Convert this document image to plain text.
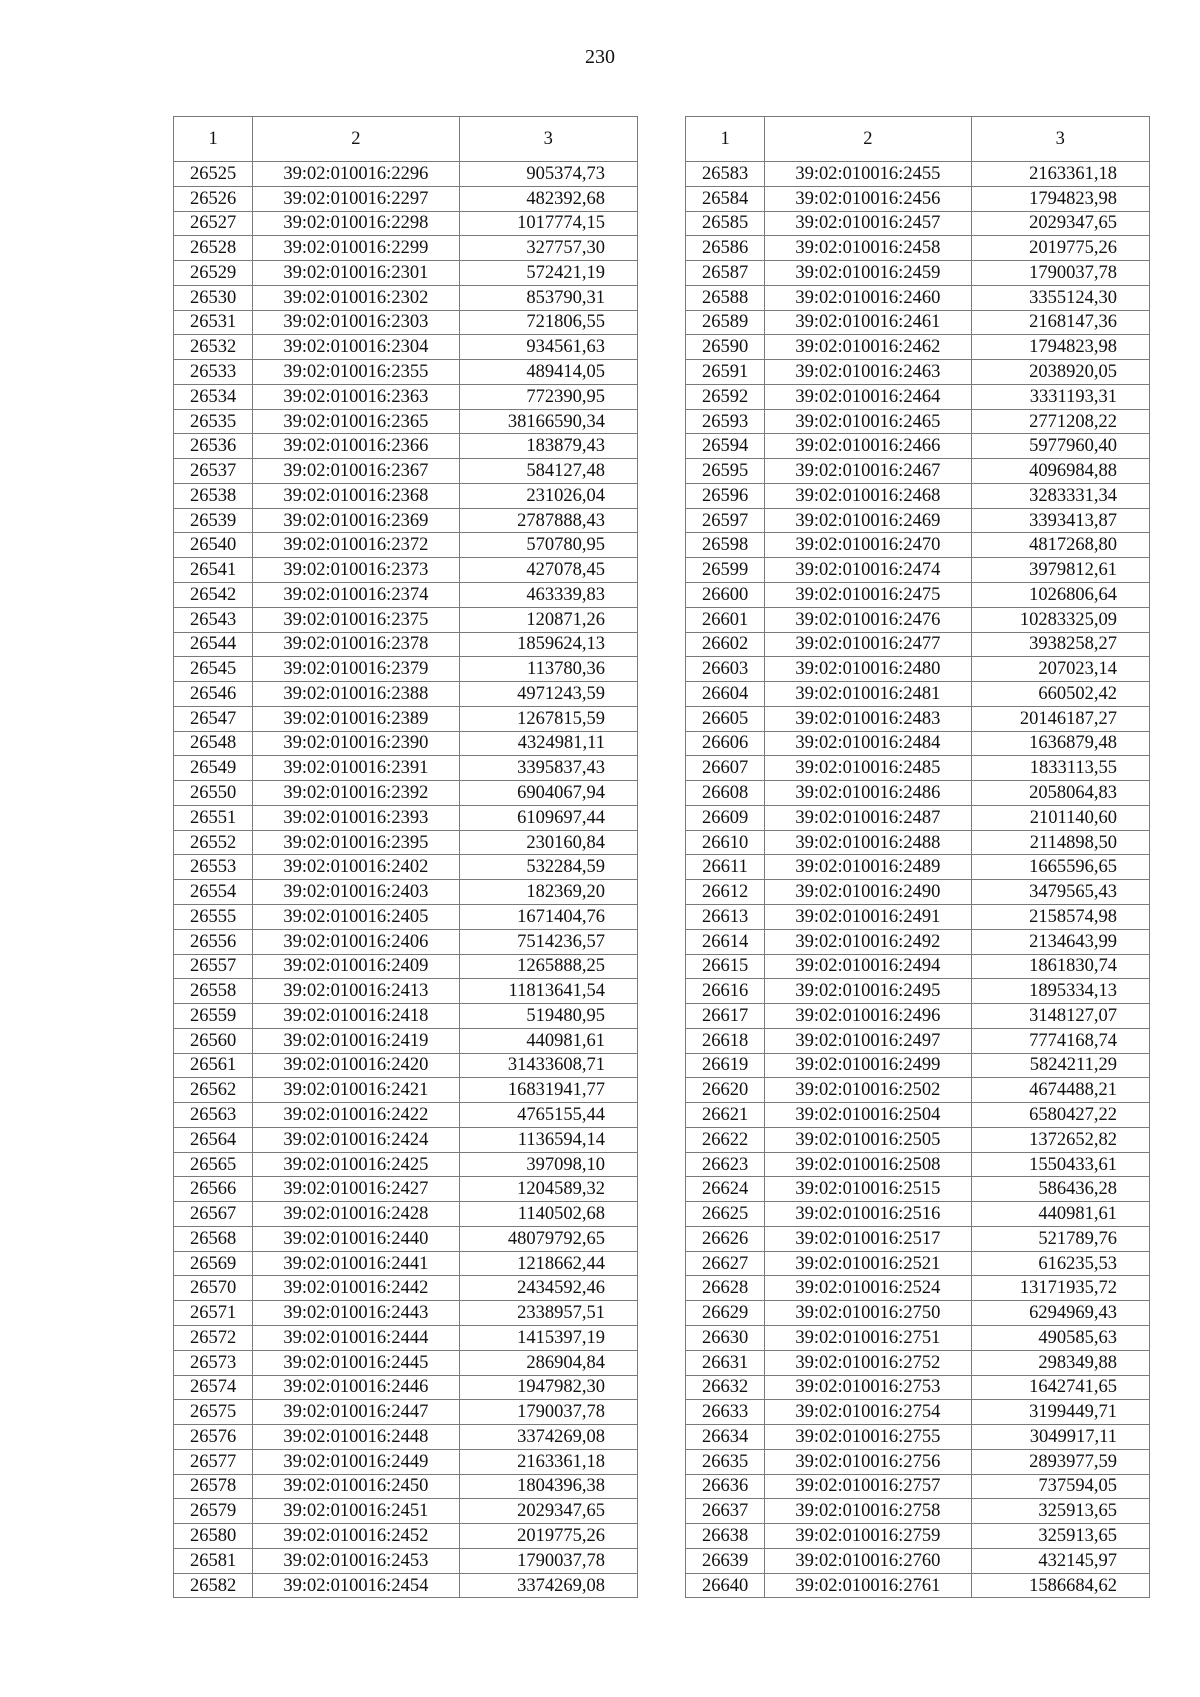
230
1	2	3
26525	39:02:010016:2296	905374,73
26526	39:02:010016:2297	482392,68
26527	39:02:010016:2298	1017774,15
26528	39:02:010016:2299	327757,30
26529	39:02:010016:2301	572421,19
26530	39:02:010016:2302	853790,31
26531	39:02:010016:2303	721806,55
26532	39:02:010016:2304	934561,63
26533	39:02:010016:2355	489414,05
26534	39:02:010016:2363	772390,95
26535	39:02:010016:2365	38166590,34
26536	39:02:010016:2366	183879,43
26537	39:02:010016:2367	584127,48
26538	39:02:010016:2368	231026,04
26539	39:02:010016:2369	2787888,43
26540	39:02:010016:2372	570780,95
26541	39:02:010016:2373	427078,45
26542	39:02:010016:2374	463339,83
26543	39:02:010016:2375	120871,26
26544	39:02:010016:2378	1859624,13
26545	39:02:010016:2379	113780,36
26546	39:02:010016:2388	4971243,59
26547	39:02:010016:2389	1267815,59
26548	39:02:010016:2390	4324981,11
26549	39:02:010016:2391	3395837,43
26550	39:02:010016:2392	6904067,94
26551	39:02:010016:2393	6109697,44
26552	39:02:010016:2395	230160,84
26553	39:02:010016:2402	532284,59
26554	39:02:010016:2403	182369,20
26555	39:02:010016:2405	1671404,76
26556	39:02:010016:2406	7514236,57
26557	39:02:010016:2409	1265888,25
26558	39:02:010016:2413	11813641,54
26559	39:02:010016:2418	519480,95
26560	39:02:010016:2419	440981,61
26561	39:02:010016:2420	31433608,71
26562	39:02:010016:2421	16831941,77
26563	39:02:010016:2422	4765155,44
26564	39:02:010016:2424	1136594,14
26565	39:02:010016:2425	397098,10
26566	39:02:010016:2427	1204589,32
26567	39:02:010016:2428	1140502,68
26568	39:02:010016:2440	48079792,65
26569	39:02:010016:2441	1218662,44
26570	39:02:010016:2442	2434592,46
26571	39:02:010016:2443	2338957,51
26572	39:02:010016:2444	1415397,19
26573	39:02:010016:2445	286904,84
26574	39:02:010016:2446	1947982,30
26575	39:02:010016:2447	1790037,78
26576	39:02:010016:2448	3374269,08
26577	39:02:010016:2449	2163361,18
26578	39:02:010016:2450	1804396,38
26579	39:02:010016:2451	2029347,65
26580	39:02:010016:2452	2019775,26
26581	39:02:010016:2453	1790037,78
26582	39:02:010016:2454	3374269,08
1	2	3
26583	39:02:010016:2455	2163361,18
26584	39:02:010016:2456	1794823,98
26585	39:02:010016:2457	2029347,65
26586	39:02:010016:2458	2019775,26
26587	39:02:010016:2459	1790037,78
26588	39:02:010016:2460	3355124,30
26589	39:02:010016:2461	2168147,36
26590	39:02:010016:2462	1794823,98
26591	39:02:010016:2463	2038920,05
26592	39:02:010016:2464	3331193,31
26593	39:02:010016:2465	2771208,22
26594	39:02:010016:2466	5977960,40
26595	39:02:010016:2467	4096984,88
26596	39:02:010016:2468	3283331,34
26597	39:02:010016:2469	3393413,87
26598	39:02:010016:2470	4817268,80
26599	39:02:010016:2474	3979812,61
26600	39:02:010016:2475	1026806,64
26601	39:02:010016:2476	10283325,09
26602	39:02:010016:2477	3938258,27
26603	39:02:010016:2480	207023,14
26604	39:02:010016:2481	660502,42
26605	39:02:010016:2483	20146187,27
26606	39:02:010016:2484	1636879,48
26607	39:02:010016:2485	1833113,55
26608	39:02:010016:2486	2058064,83
26609	39:02:010016:2487	2101140,60
26610	39:02:010016:2488	2114898,50
26611	39:02:010016:2489	1665596,65
26612	39:02:010016:2490	3479565,43
26613	39:02:010016:2491	2158574,98
26614	39:02:010016:2492	2134643,99
26615	39:02:010016:2494	1861830,74
26616	39:02:010016:2495	1895334,13
26617	39:02:010016:2496	3148127,07
26618	39:02:010016:2497	7774168,74
26619	39:02:010016:2499	5824211,29
26620	39:02:010016:2502	4674488,21
26621	39:02:010016:2504	6580427,22
26622	39:02:010016:2505	1372652,82
26623	39:02:010016:2508	1550433,61
26624	39:02:010016:2515	586436,28
26625	39:02:010016:2516	440981,61
26626	39:02:010016:2517	521789,76
26627	39:02:010016:2521	616235,53
26628	39:02:010016:2524	13171935,72
26629	39:02:010016:2750	6294969,43
26630	39:02:010016:2751	490585,63
26631	39:02:010016:2752	298349,88
26632	39:02:010016:2753	1642741,65
26633	39:02:010016:2754	3199449,71
26634	39:02:010016:2755	3049917,11
26635	39:02:010016:2756	2893977,59
26636	39:02:010016:2757	737594,05
26637	39:02:010016:2758	325913,65
26638	39:02:010016:2759	325913,65
26639	39:02:010016:2760	432145,97
26640	39:02:010016:2761	1586684,62
